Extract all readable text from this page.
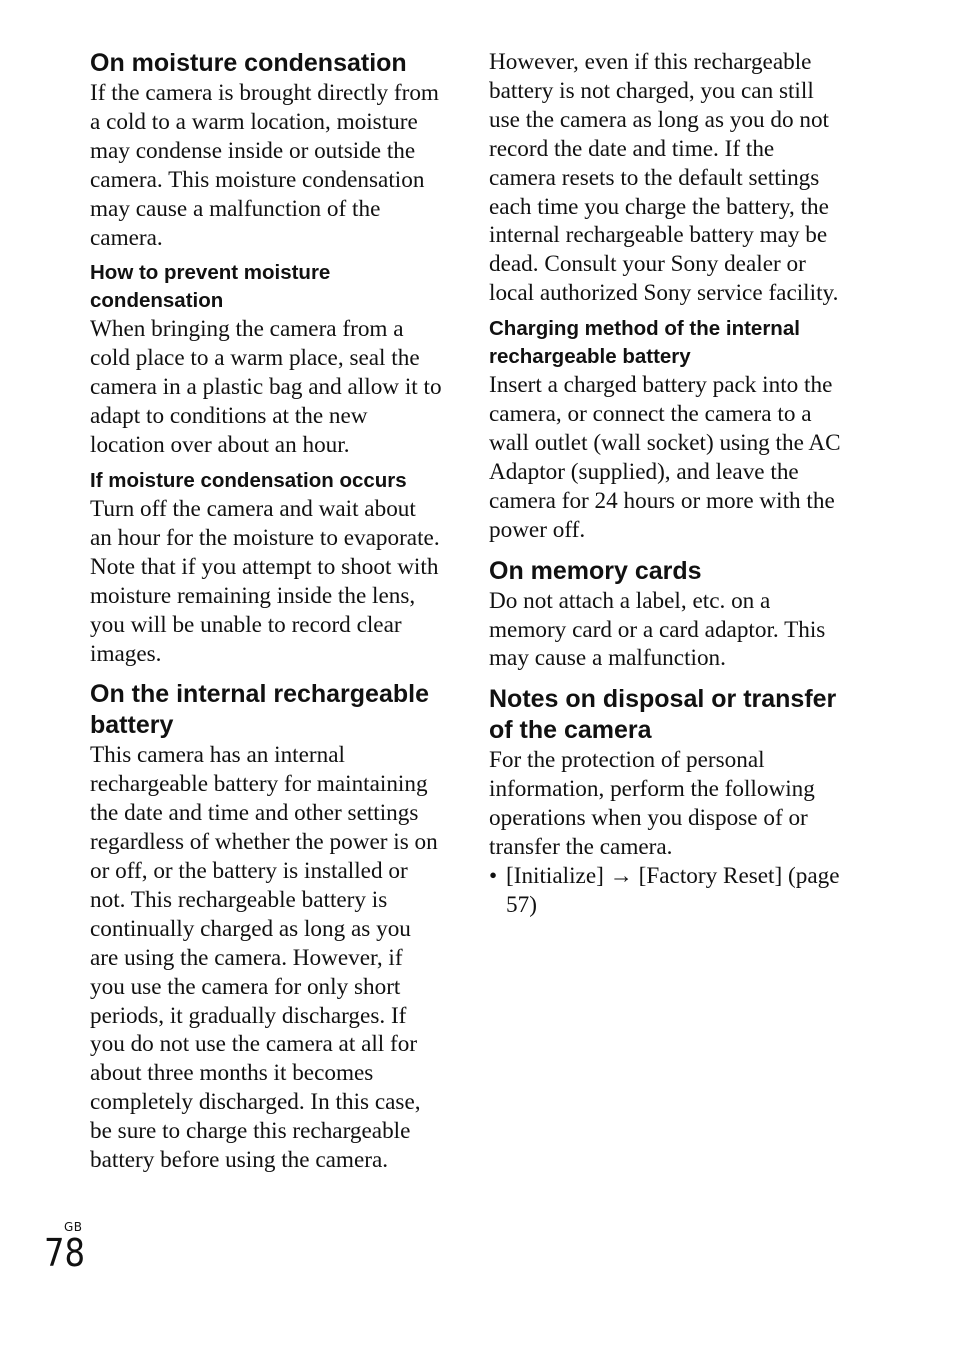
On moisture condensation

If the camera is brought directly from a cold to a warm location, moisture may condense inside or outside the camera. This moisture condensation may cause a malfunction of the camera.

How to prevent moisture condensation

When bringing the camera from a cold place to a warm place, seal the camera in a plastic bag and allow it to adapt to conditions at the new location over about an hour.

If moisture condensation occurs

Turn off the camera and wait about an hour for the moisture to evaporate. Note that if you attempt to shoot with moisture remaining inside the lens, you will be unable to record clear images.

On the internal rechargeable battery

This camera has an internal rechargeable battery for maintaining the date and time and other settings regardless of whether the power is on or off, or the battery is installed or not. This rechargeable battery is continually charged as long as you are using the camera. However, if you use the camera for only short periods, it gradually discharges. If you do not use the camera at all for about three months it becomes completely discharged. In this case, be sure to charge this rechargeable battery before using the camera.

However, even if this rechargeable battery is not charged, you can still use the camera as long as you do not record the date and time. If the camera resets to the default settings each time you charge the battery, the internal rechargeable battery may be dead. Consult your Sony dealer or local authorized Sony service facility.

Charging method of the internal rechargeable battery

Insert a charged battery pack into the camera, or connect the camera to a wall outlet (wall socket) using the AC Adaptor (supplied), and leave the camera for 24 hours or more with the power off.

On memory cards

Do not attach a label, etc. on a memory card or a card adaptor. This may cause a malfunction.

Notes on disposal or transfer of the camera

For the protection of personal information, perform the following operations when you dispose of or transfer the camera.

• [Initialize] → [Factory Reset] (page 57)
GB
78
